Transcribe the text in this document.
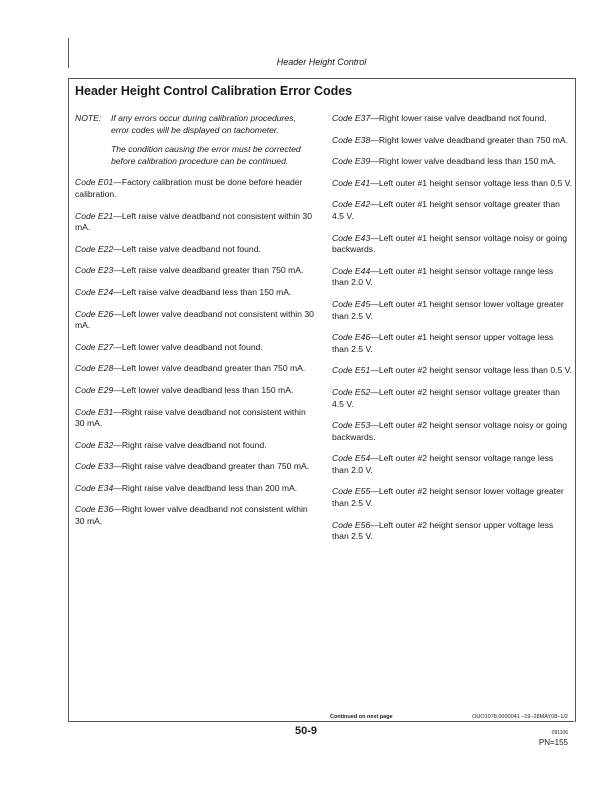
Header Height Control
Header Height Control Calibration Error Codes
NOTE:	If any errors occur during calibration procedures, error codes will be displayed on tachometer.

The condition causing the error must be corrected before calibration procedure can be continued.

Code E01—Factory calibration must be done before header calibration.

Code E21—Left raise valve deadband not consistent within 30 mA.

Code E22—Left raise valve deadband not found.

Code E23—Left raise valve deadband greater than 750 mA.

Code E24—Left raise valve deadband less than 150 mA.

Code E26—Left lower valve deadband not consistent within 30 mA.

Code E27—Left lower valve deadband not found.

Code E28—Left lower valve deadband greater than 750 mA.

Code E29—Left lower valve deadband less than 150 mA.

Code E31—Right raise valve deadband not consistent within 30 mA.

Code E32—Right raise valve deadband not found.

Code E33—Right raise valve deadband greater than 750 mA.

Code E34—Right raise valve deadband less than 200 mA.

Code E36—Right lower valve deadband not consistent within 30 mA.

Code E37—Right lower raise valve deadband not found.

Code E38—Right lower valve deadband greater than 750 mA.

Code E39—Right lower valve deadband less than 150 mA.

Code E41—Left outer #1 height sensor voltage less than 0.5 V.

Code E42—Left outer #1 height sensor voltage greater than 4.5 V.

Code E43—Left outer #1 height sensor voltage noisy or going backwards.

Code E44—Left outer #1 height sensor voltage range less than 2.0 V.

Code E45—Left outer #1 height sensor lower voltage greater than 2.5 V.

Code E46—Left outer #1 height sensor upper voltage less than 2.5 V.

Code E51—Left outer #2 height sensor voltage less than 0.5 V.

Code E52—Left outer #2 height sensor voltage greater than 4.5 V.

Code E53—Left outer #2 height sensor voltage noisy or going backwards.

Code E54—Left outer #2 height sensor voltage range less than 2.0 V.

Code E55—Left outer #2 height sensor lower voltage greater than 2.5 V.

Code E56—Left outer #2 height sensor upper voltage less than 2.5 V.

Continued on next page	OUO1078,0000041 –19–28MAY08–1/2
50-9	091106
PN=155
